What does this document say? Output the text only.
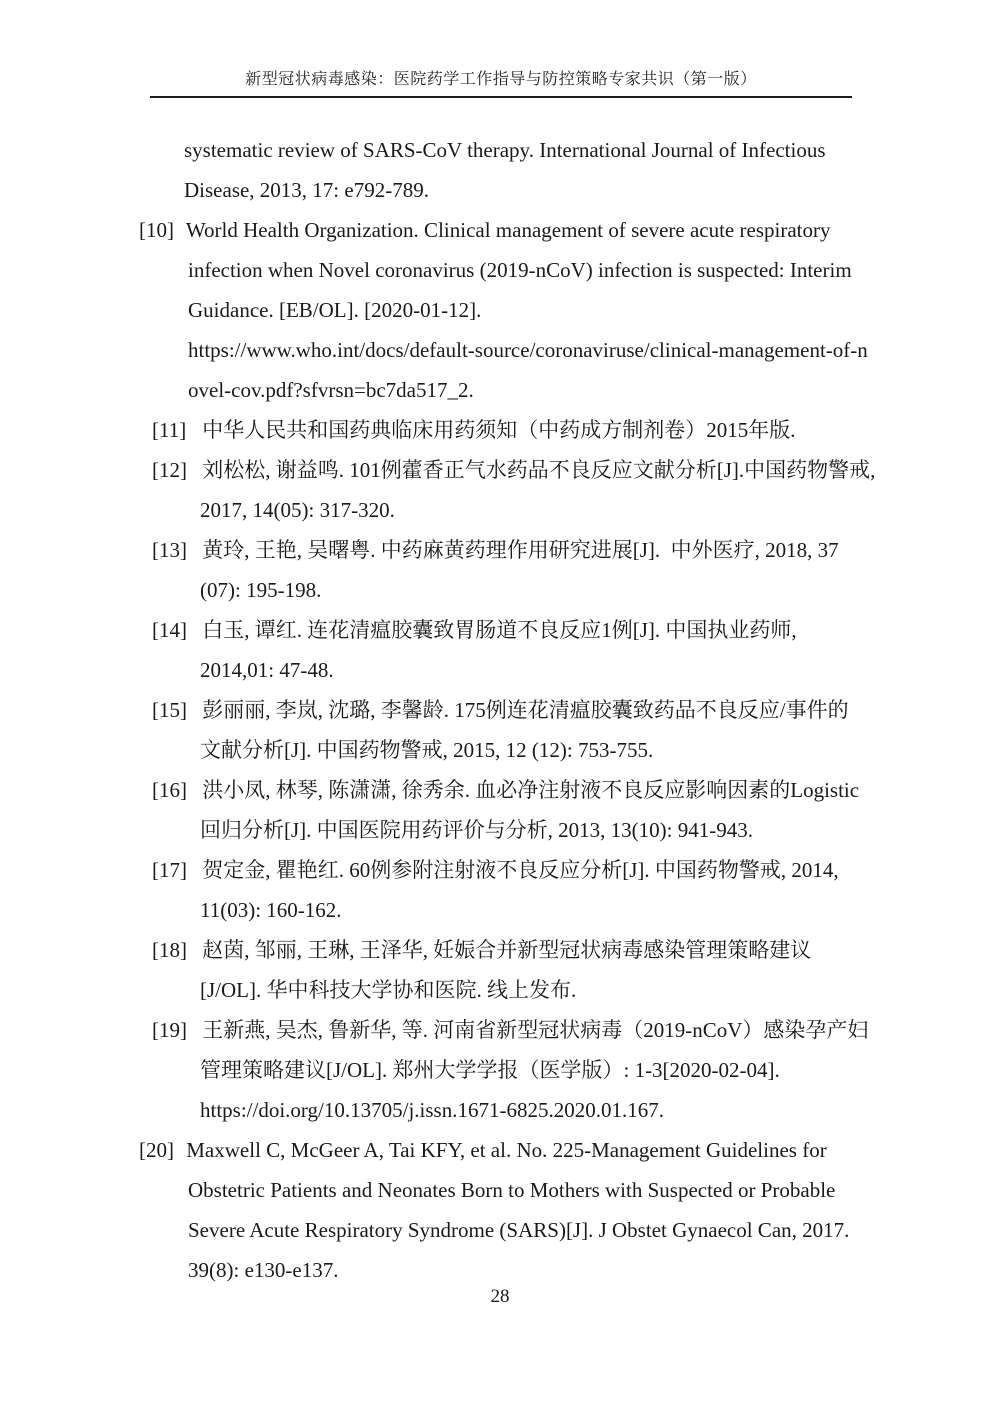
新型冠状病毒感染：医院药学工作指导与防控策略专家共识（第一版）
systematic review of SARS-CoV therapy. International Journal of Infectious
Disease, 2013, 17: e792-789.
[10] World Health Organization. Clinical management of severe acute respiratory
infection when Novel coronavirus (2019-nCoV) infection is suspected: Interim
Guidance. [EB/OL]. [2020-01-12].
https://www.who.int/docs/default-source/coronaviruse/clinical-management-of-n
ovel-cov.pdf?sfvrsn=bc7da517_2.
[11] 中华人民共和国药典临床用药须知（中药成方制剂卷）2015年版.
[12] 刘松松, 谢益鸣. 101例藿香正气水药品不良反应文献分析[J].中国药物警戒,
2017, 14(05): 317-320.
[13] 黄玲, 王艳, 吴曙粤. 中药麻黄药理作用研究进展[J].  中外医疗, 2018, 37
(07): 195-198.
[14] 白玉, 谭红. 连花清瘟胶囊致胃肠道不良反应1例[J]. 中国执业药师,
2014,01: 47-48.
[15] 彭丽丽, 李岚, 沈璐, 李馨龄. 175例连花清瘟胶囊致药品不良反应/事件的
文献分析[J]. 中国药物警戒, 2015, 12 (12): 753-755.
[16] 洪小凤, 林琴, 陈潇潇, 徐秀余. 血必净注射液不良反应影响因素的Logistic
回归分析[J]. 中国医院用药评价与分析, 2013, 13(10): 941-943.
[17] 贺定金, 瞿艳红. 60例参附注射液不良反应分析[J]. 中国药物警戒, 2014,
11(03): 160-162.
[18] 赵茵, 邹丽, 王琳, 王泽华, 妊娠合并新型冠状病毒感染管理策略建议
[J/OL]. 华中科技大学协和医院. 线上发布.
[19] 王新燕, 吴杰, 鲁新华, 等. 河南省新型冠状病毒（2019-nCoV）感染孕产妇
管理策略建议[J/OL]. 郑州大学学报（医学版）: 1-3[2020-02-04].
https://doi.org/10.13705/j.issn.1671-6825.2020.01.167.
[20] Maxwell C, McGeer A, Tai KFY, et al. No. 225-Management Guidelines for
Obstetric Patients and Neonates Born to Mothers with Suspected or Probable
Severe Acute Respiratory Syndrome (SARS)[J]. J Obstet Gynaecol Can, 2017.
39(8): e130-e137.
28
